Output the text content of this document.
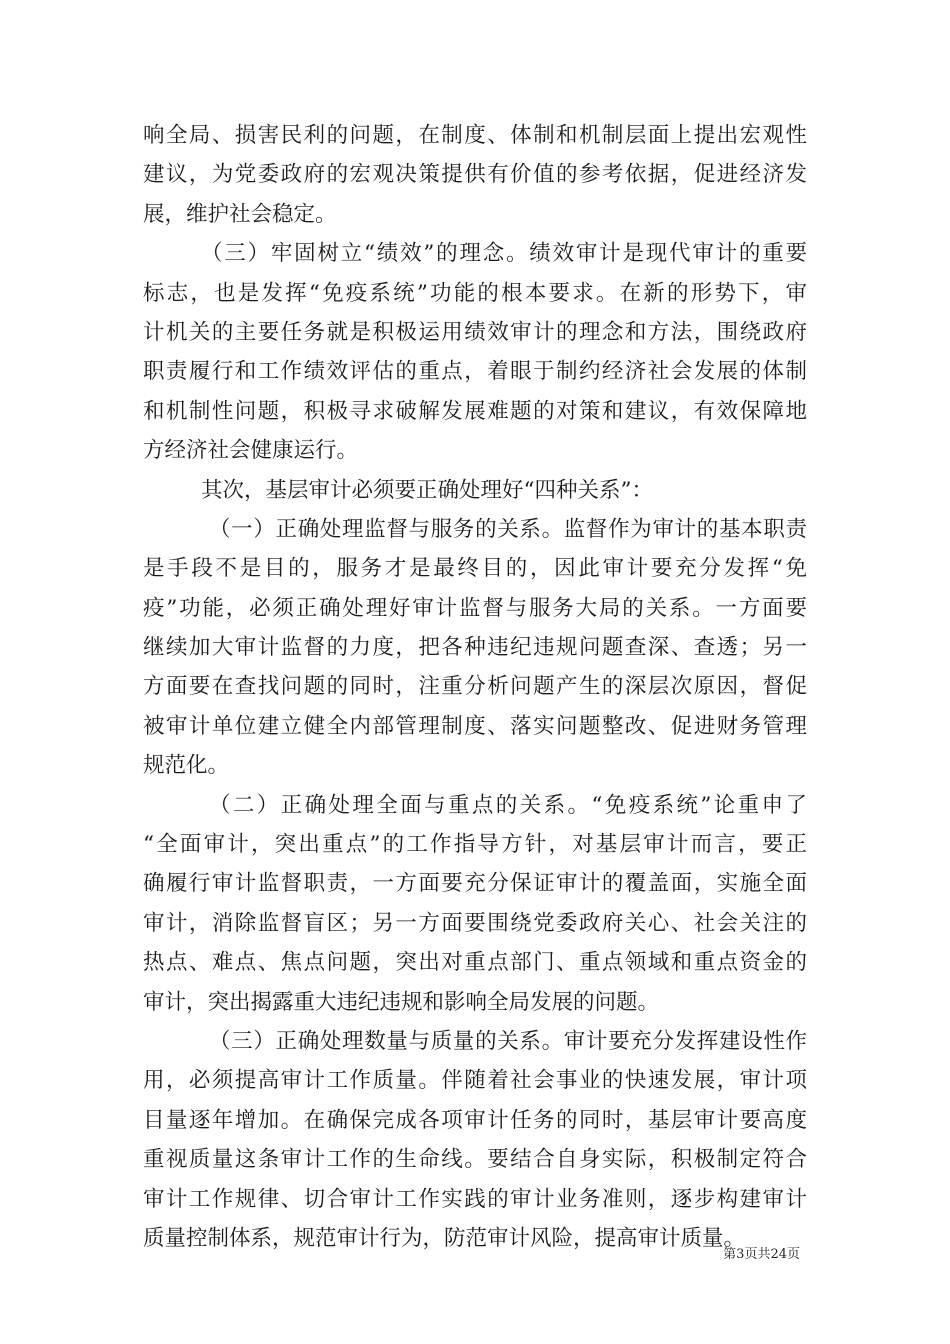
响全局、损害民利的问题，在制度、体制和机制层面上提出宏观性
建议，为党委政府的宏观决策提供有价值的参考依据，促进经济发
展，维护社会稳定。
（三）牢固树立“绩效”的理念。绩效审计是现代审计的重要
标志，也是发挥“免疫系统”功能的根本要求。在新的形势下，审
计机关的主要任务就是积极运用绩效审计的理念和方法，围绕政府
职责履行和工作绩效评估的重点，着眼于制约经济社会发展的体制
和机制性问题，积极寻求破解发展难题的对策和建议，有效保障地
方经济社会健康运行。
其次，基层审计必须要正确处理好“四种关系”：
（一）正确处理监督与服务的关系。监督作为审计的基本职责
是手段不是目的，服务才是最终目的，因此审计要充分发挥“免
疫”功能，必须正确处理好审计监督与服务大局的关系。一方面要
继续加大审计监督的力度，把各种违纪违规问题查深、查透；另一
方面要在查找问题的同时，注重分析问题产生的深层次原因，督促
被审计单位建立健全内部管理制度、落实问题整改、促进财务管理
规范化。
（二）正确处理全面与重点的关系。“免疫系统”论重申了
“全面审计，突出重点”的工作指导方针，对基层审计而言，要正
确履行审计监督职责，一方面要充分保证审计的覆盖面，实施全面
审计，消除监督盲区；另一方面要围绕党委政府关心、社会关注的
热点、难点、焦点问题，突出对重点部门、重点领域和重点资金的
审计，突出揭露重大违纪违规和影响全局发展的问题。
（三）正确处理数量与质量的关系。审计要充分发挥建设性作
用，必须提高审计工作质量。伴随着社会事业的快速发展，审计项
目量逐年增加。在确保完成各项审计任务的同时，基层审计要高度
重视质量这条审计工作的生命线。要结合自身实际，积极制定符合
审计工作规律、切合审计工作实践的审计业务准则，逐步构建审计
质量控制体系，规范审计行为，防范审计风险，提高审计质量。
第3页共24页
